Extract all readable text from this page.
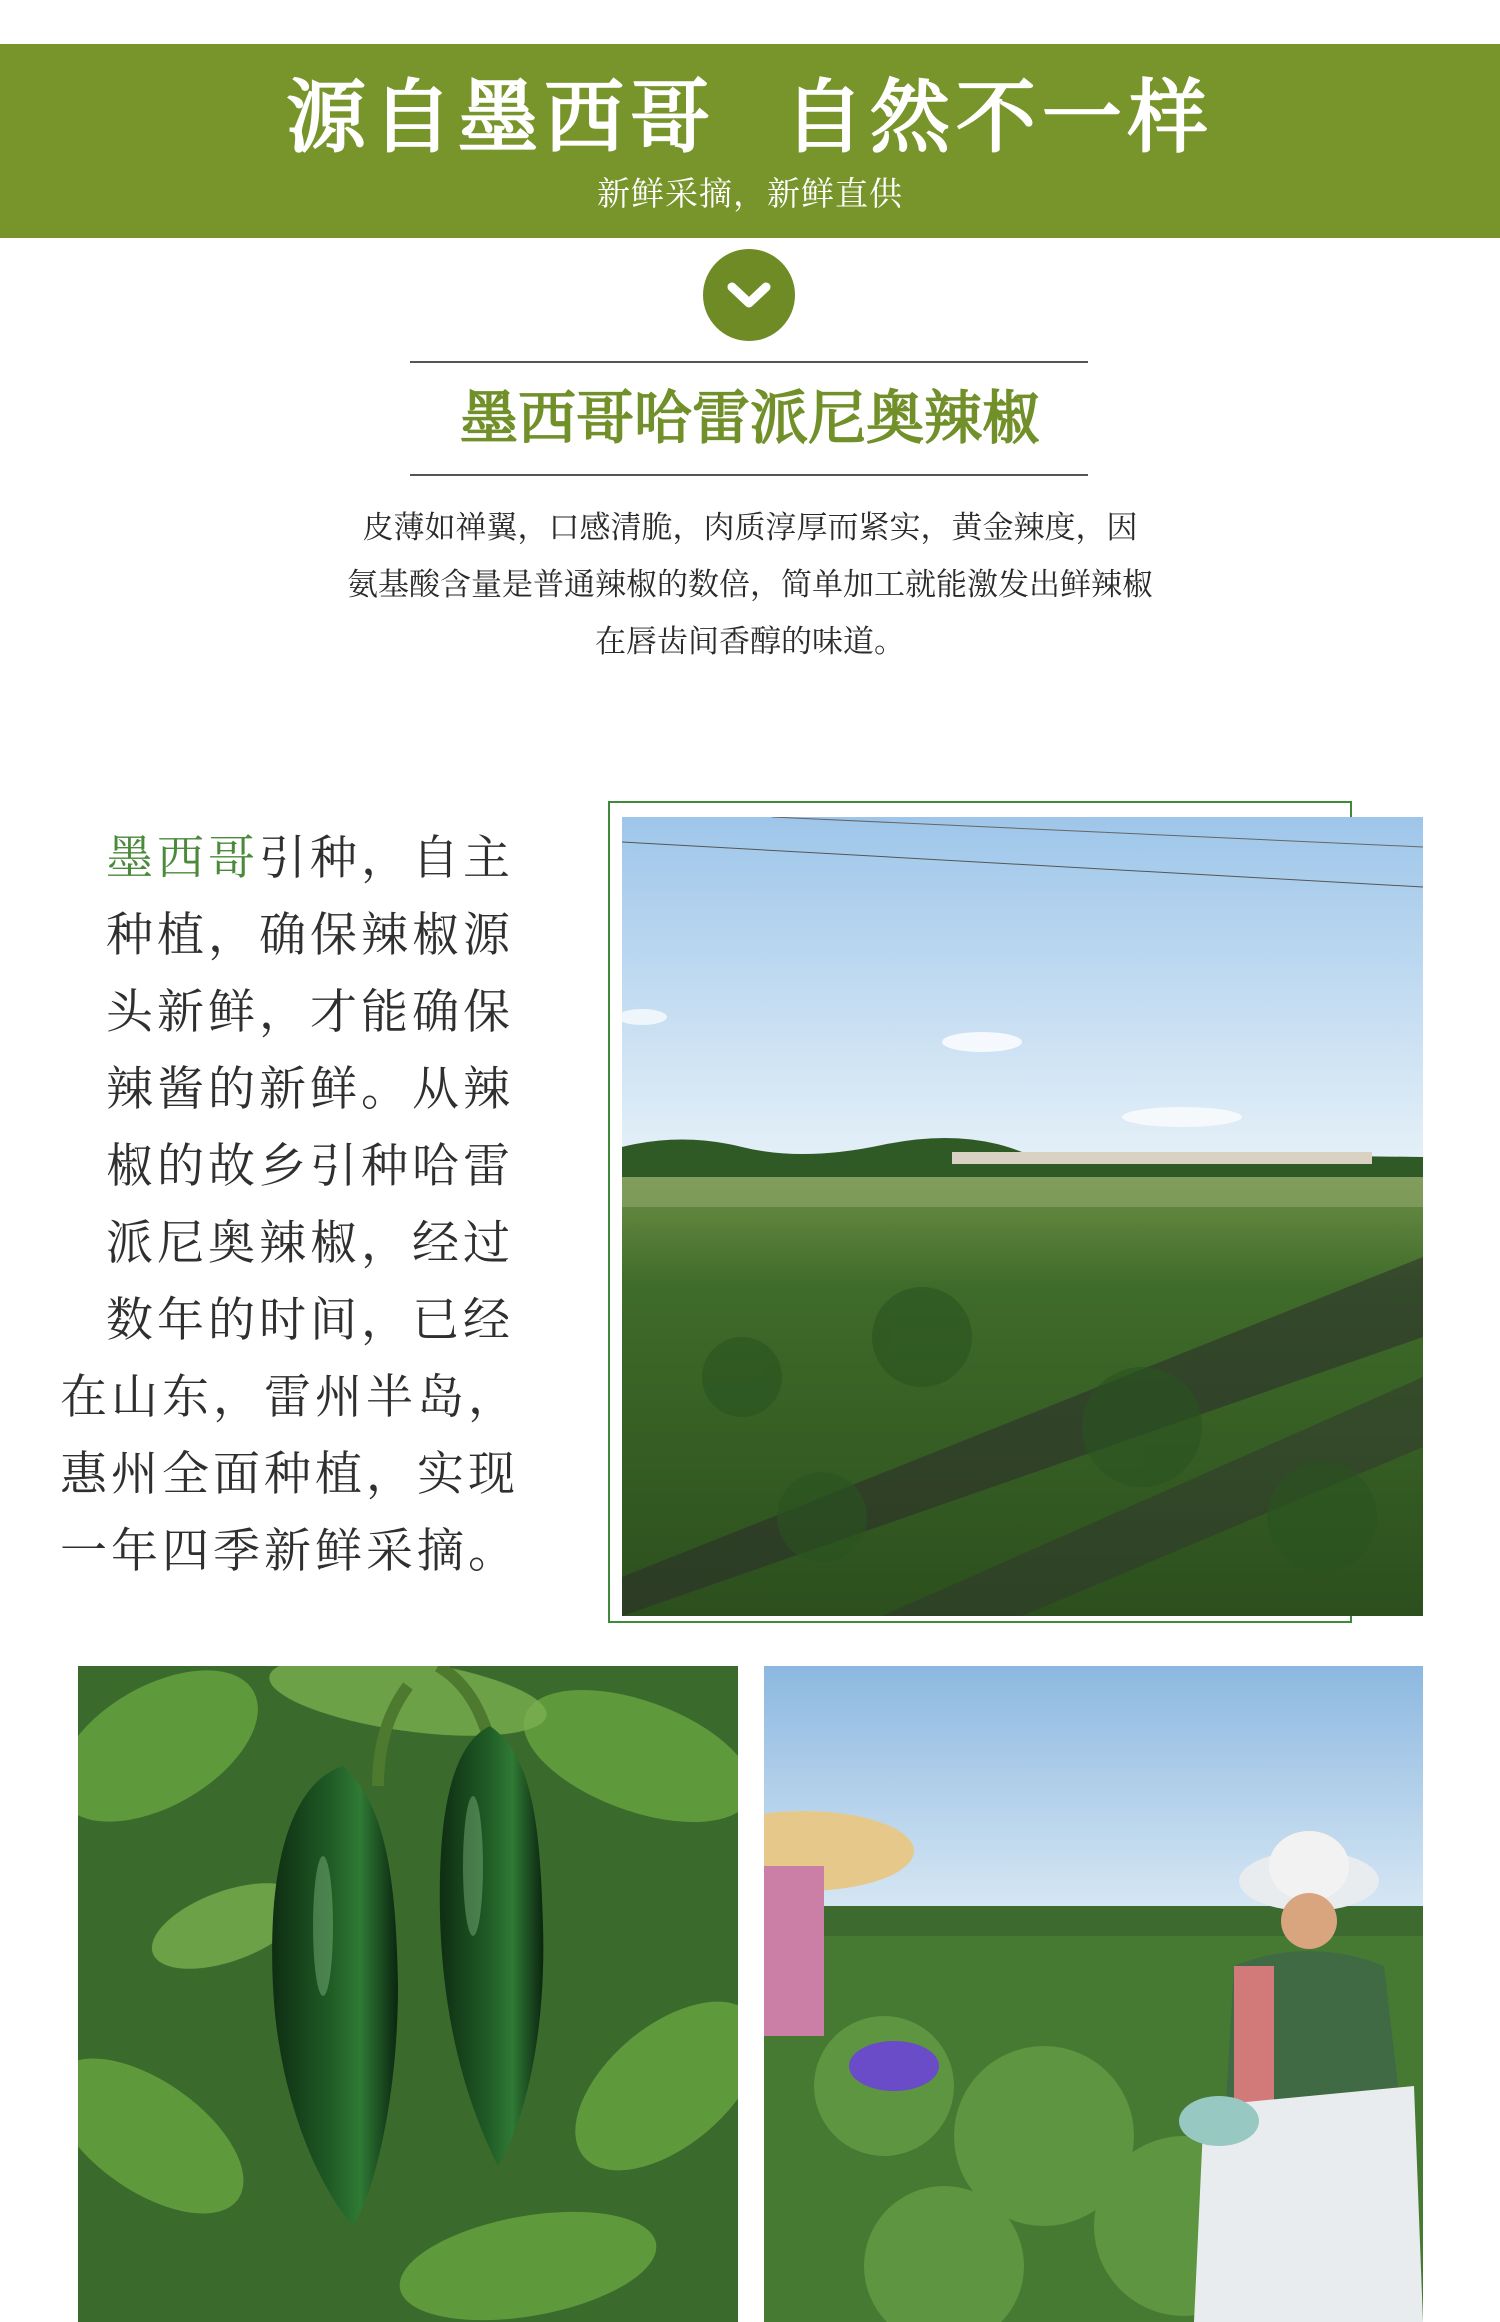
源自墨西哥  自然不一样
新鲜采摘，新鲜直供
墨西哥哈雷派尼奥辣椒
皮薄如禅翼，口感清脆，肉质淳厚而紧实，黄金辣度，因
氨基酸含量是普通辣椒的数倍，简单加工就能激发出鲜辣椒
在唇齿间香醇的味道。
墨西哥引种，自主
种植，确保辣椒源
头新鲜，才能确保
辣酱的新鲜。从辣
椒的故乡引种哈雷
派尼奥辣椒，经过
数年的时间，已经
在山东，雷州半岛，
惠州全面种植，实现
一年四季新鲜采摘。
